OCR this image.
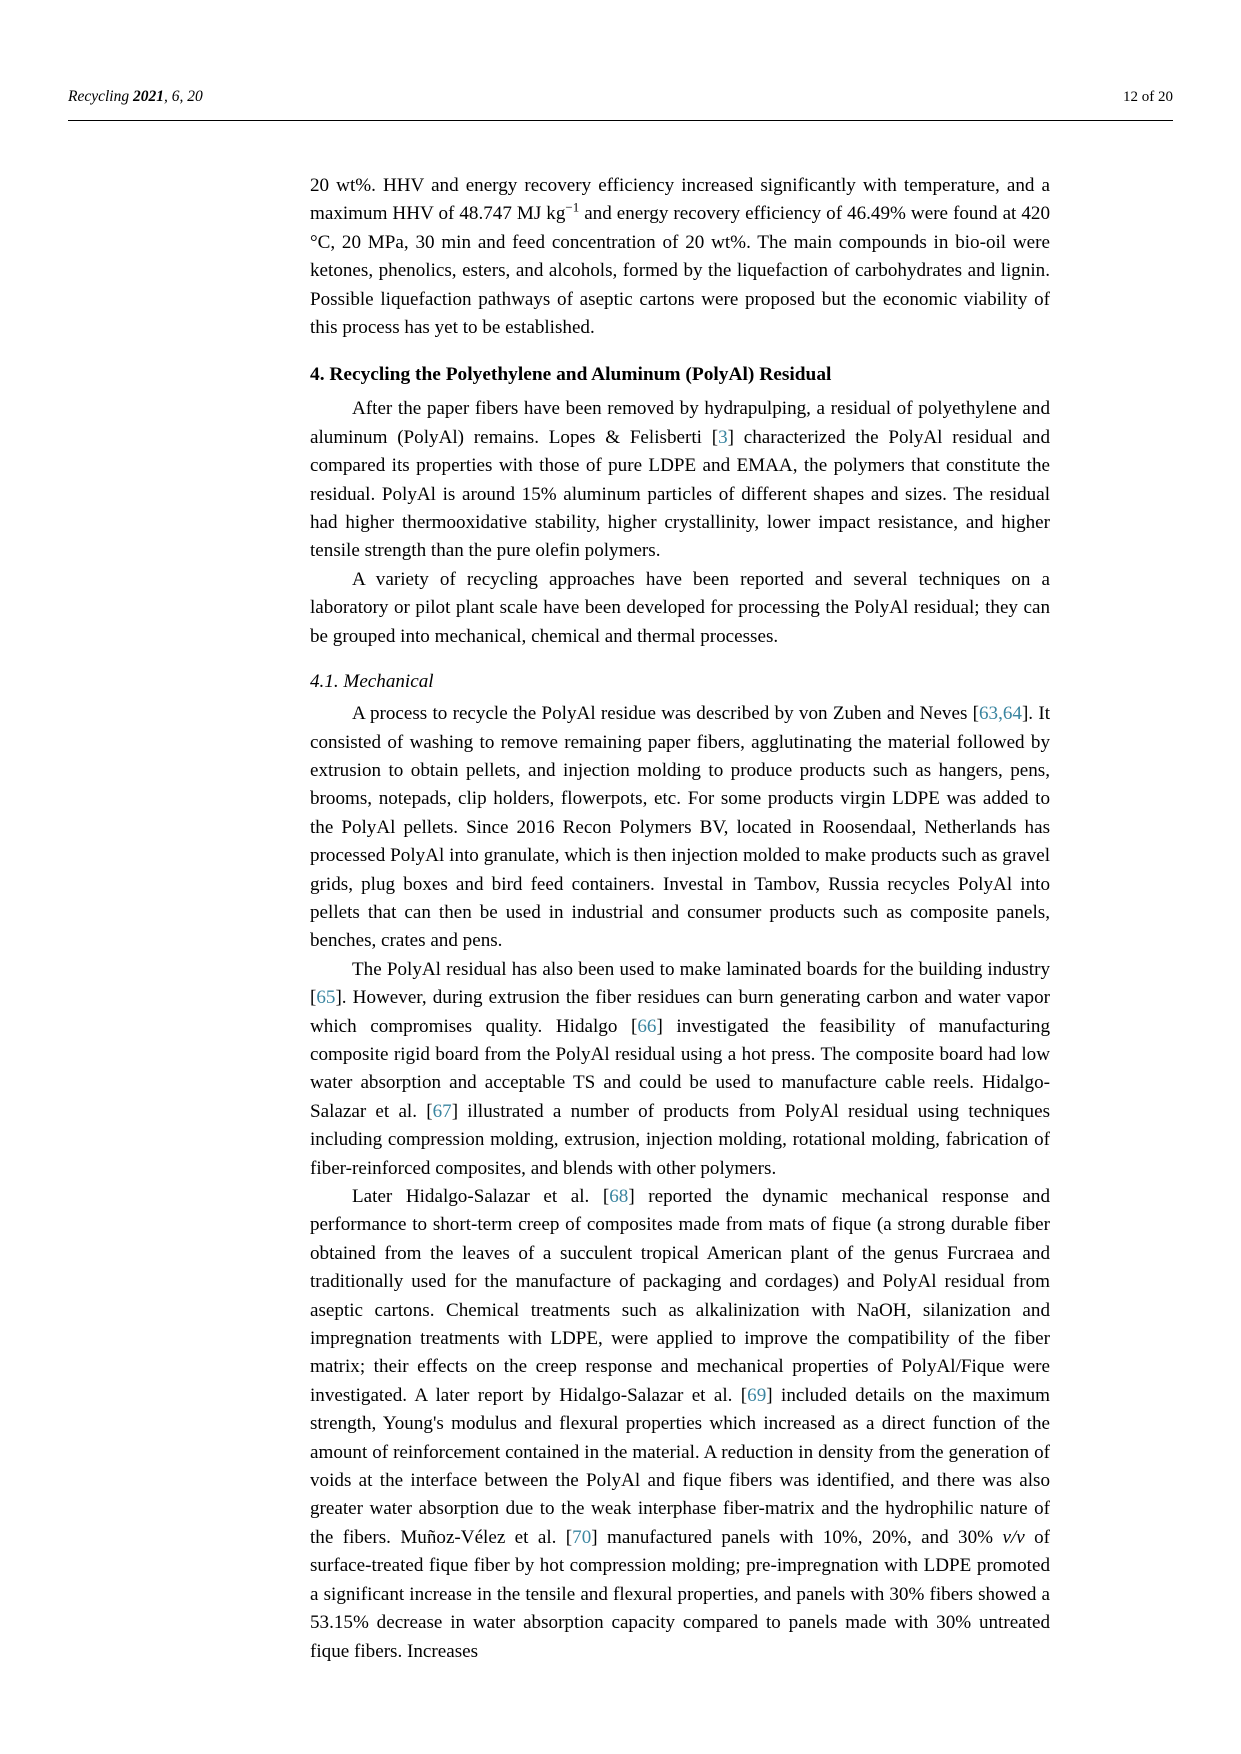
Recycling 2021, 6, 20	12 of 20

20 wt%. HHV and energy recovery efficiency increased significantly with temperature, and a maximum HHV of 48.747 MJ $kg^{-1}$ and energy recovery efficiency of 46.49% were found at 420 °C, 20 MPa, 30 min and feed concentration of 20 wt%. The main compounds in bio-oil were ketones, phenolics, esters, and alcohols, formed by the liquefaction of carbohydrates and lignin. Possible liquefaction pathways of aseptic cartons were proposed but the economic viability of this process has yet to be established.

4. Recycling the Polyethylene and Aluminum (PolyAl) Residual

After the paper fibers have been removed by hydrapulping, a residual of polyethylene and aluminum (PolyAl) remains. Lopes & Felisberti [3] characterized the PolyAl residual and compared its properties with those of pure LDPE and EMAA, the polymers that constitute the residual. PolyAl is around 15% aluminum particles of different shapes and sizes. The residual had higher thermooxidative stability, higher crystallinity, lower impact resistance, and higher tensile strength than the pure olefin polymers.

A variety of recycling approaches have been reported and several techniques on a laboratory or pilot plant scale have been developed for processing the PolyAl residual; they can be grouped into mechanical, chemical and thermal processes.

4.1. Mechanical

A process to recycle the PolyAl residue was described by von Zuben and Neves [63,64]. It consisted of washing to remove remaining paper fibers, agglutinating the material followed by extrusion to obtain pellets, and injection molding to produce products such as hangers, pens, brooms, notepads, clip holders, flowerpots, etc. For some products virgin LDPE was added to the PolyAl pellets. Since 2016 Recon Polymers BV, located in Roosendaal, Netherlands has processed PolyAl into granulate, which is then injection molded to make products such as gravel grids, plug boxes and bird feed containers. Investal in Tambov, Russia recycles PolyAl into pellets that can then be used in industrial and consumer products such as composite panels, benches, crates and pens.

The PolyAl residual has also been used to make laminated boards for the building industry [65]. However, during extrusion the fiber residues can burn generating carbon and water vapor which compromises quality. Hidalgo [66] investigated the feasibility of manufacturing composite rigid board from the PolyAl residual using a hot press. The composite board had low water absorption and acceptable TS and could be used to manufacture cable reels. Hidalgo-Salazar et al. [67] illustrated a number of products from PolyAl residual using techniques including compression molding, extrusion, injection molding, rotational molding, fabrication of fiber-reinforced composites, and blends with other polymers.

Later Hidalgo-Salazar et al. [68] reported the dynamic mechanical response and performance to short-term creep of composites made from mats of fique (a strong durable fiber obtained from the leaves of a succulent tropical American plant of the genus Furcraea and traditionally used for the manufacture of packaging and cordages) and PolyAl residual from aseptic cartons. Chemical treatments such as alkalinization with NaOH, silanization and impregnation treatments with LDPE, were applied to improve the compatibility of the fiber matrix; their effects on the creep response and mechanical properties of PolyAl/Fique were investigated. A later report by Hidalgo-Salazar et al. [69] included details on the maximum strength, Young's modulus and flexural properties which increased as a direct function of the amount of reinforcement contained in the material. A reduction in density from the generation of voids at the interface between the PolyAl and fique fibers was identified, and there was also greater water absorption due to the weak interphase fiber-matrix and the hydrophilic nature of the fibers. Muñoz-Vélez et al. [70] manufactured panels with 10%, 20%, and 30% v/v of surface-treated fique fiber by hot compression molding; pre-impregnation with LDPE promoted a significant increase in the tensile and flexural properties, and panels with 30% fibers showed a 53.15% decrease in water absorption capacity compared to panels made with 30% untreated fique fibers. Increases
